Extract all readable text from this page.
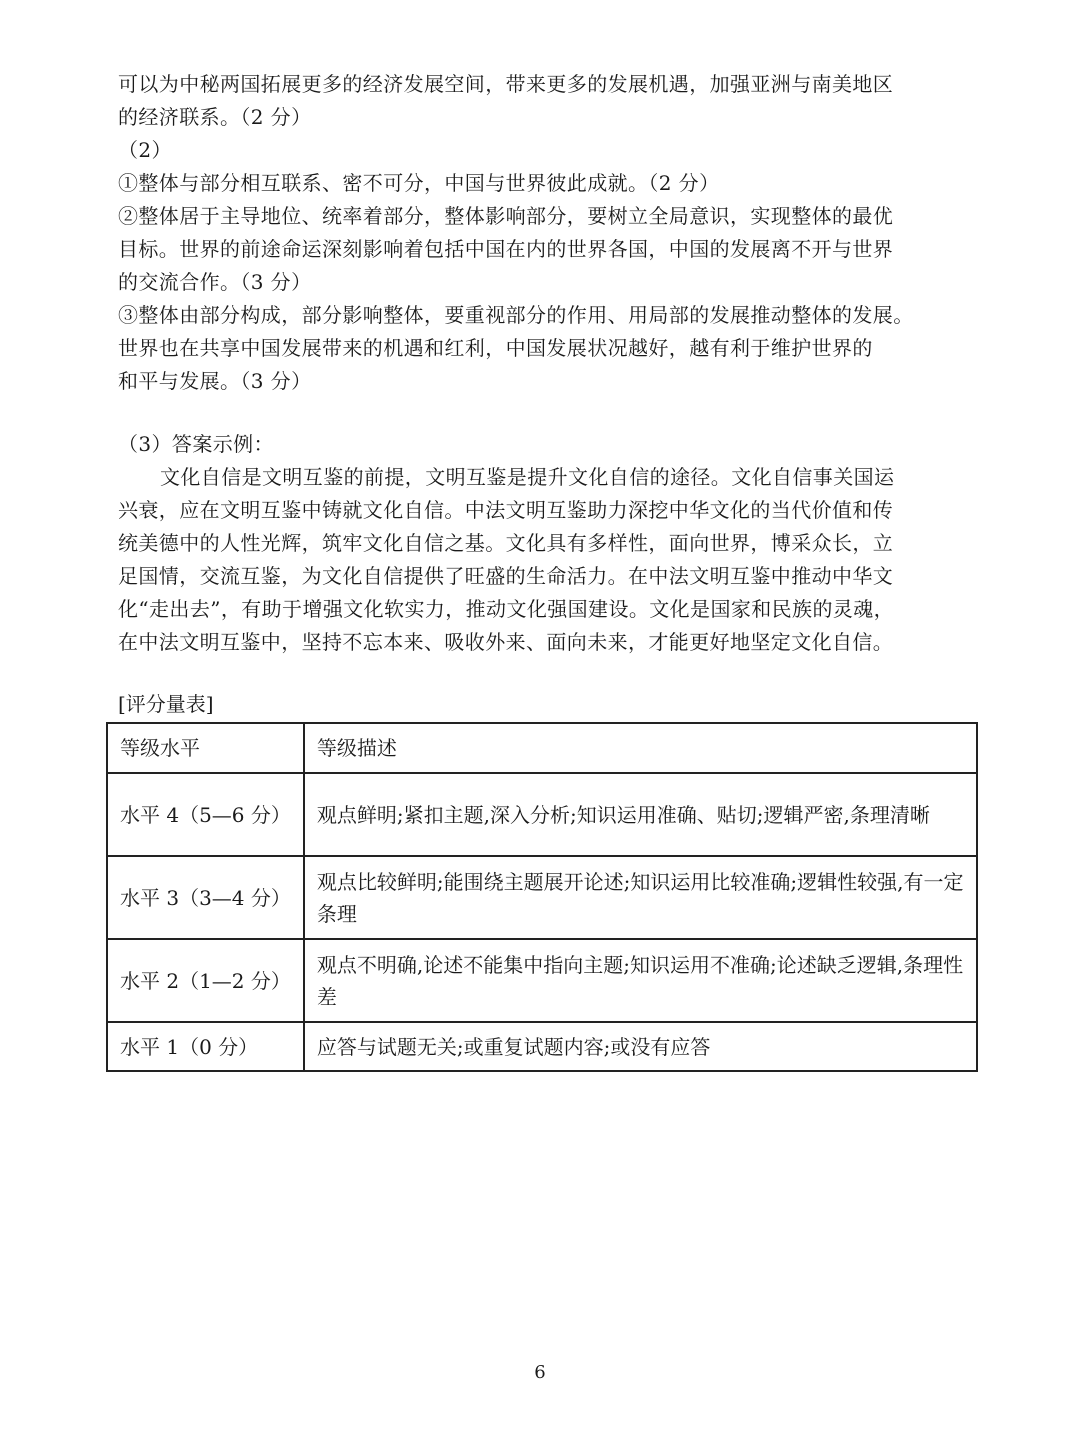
可以为中秘两国拓展更多的经济发展空间，带来更多的发展机遇，加强亚洲与南美地区
的经济联系。（2 分）
（2）
①整体与部分相互联系、密不可分，中国与世界彼此成就。（2 分）
②整体居于主导地位、统率着部分，整体影响部分，要树立全局意识，实现整体的最优
目标。世界的前途命运深刻影响着包括中国在内的世界各国，中国的发展离不开与世界
的交流合作。（3 分）
③整体由部分构成，部分影响整体，要重视部分的作用、用局部的发展推动整体的发展。
世界也在共享中国发展带来的机遇和红利，中国发展状况越好，越有利于维护世界的
和平与发展。（3 分）
（3）答案示例：
文化自信是文明互鉴的前提，文明互鉴是提升文化自信的途径。文化自信事关国运
兴衰，应在文明互鉴中铸就文化自信。中法文明互鉴助力深挖中华文化的当代价值和传
统美德中的人性光辉，筑牢文化自信之基。文化具有多样性，面向世界，博采众长，立
足国情，交流互鉴，为文化自信提供了旺盛的生命活力。在中法文明互鉴中推动中华文
化“走出去”，有助于增强文化软实力，推动文化强国建设。文化是国家和民族的灵魂，
在中法文明互鉴中，坚持不忘本来、吸收外来、面向未来，才能更好地坚定文化自信。
[评分量表]
等级水平	等级描述
水平 4（5—6 分）	观点鲜明;紧扣主题,深入分析;知识运用准确、贴切;逻辑严密,条理清晰
水平 3（3—4 分）	观点比较鲜明;能围绕主题展开论述;知识运用比较准确;逻辑性较强,有一定条理
水平 2（1—2 分）	观点不明确,论述不能集中指向主题;知识运用不准确;论述缺乏逻辑,条理性差
水平 1（0 分）	应答与试题无关;或重复试题内容;或没有应答
6
